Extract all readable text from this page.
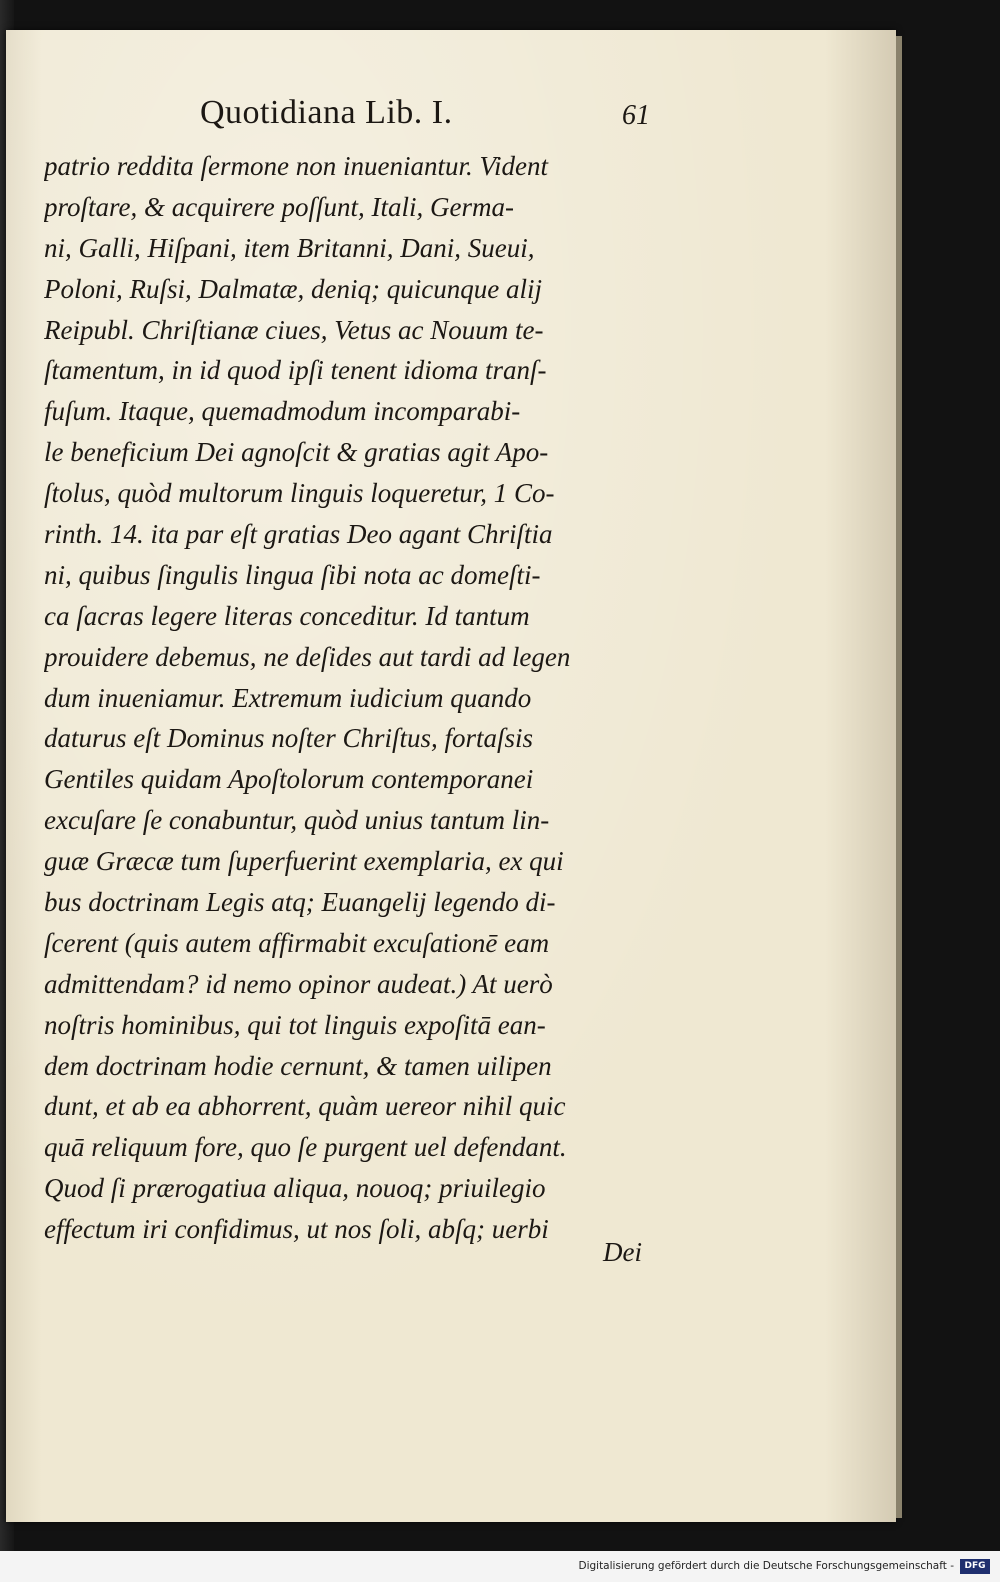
Quotidiana Lib. I.	61
patrio reddita ſermone non inueniantur. Vident
proſtare, & acquirere poſſunt, Itali, Germa-
ni, Galli, Hiſpani, item Britanni, Dani, Sueui,
Poloni, Ruſsi, Dalmatæ, deniq; quicunque alij
Reipubl. Chriſtianæ ciues, Vetus ac Nouum te-
ſtamentum, in id quod ipſi tenent idioma tranſ-
fuſum. Itaque, quemadmodum incomparabi-
le beneficium Dei agnoſcit & gratias agit Apo-
ſtolus, quòd multorum linguis loqueretur, 1 Co-
rinth. 14. ita par eſt gratias Deo agant Chriſtia
ni, quibus ſingulis lingua ſibi nota ac domeſti-
ca ſacras legere literas conceditur. Id tantum
prouidere debemus, ne deſides aut tardi ad legen
dum inueniamur. Extremum iudicium quando
daturus eſt Dominus noſter Chriſtus, fortaſsis
Gentiles quidam Apoſtolorum contemporanei
excuſare ſe conabuntur, quòd unius tantum lin-
guæ Græcæ tum ſuperfuerint exemplaria, ex qui
bus doctrinam Legis atq; Euangelij legendo di-
ſcerent (quis autem affirmabit excuſationē eam
admittendam? id nemo opinor audeat.) At uerò
noſtris hominibus, qui tot linguis expoſitā ean-
dem doctrinam hodie cernunt, & tamen uilipen
dunt, et ab ea abhorrent, quàm uereor nihil quic
quā reliquum fore, quo ſe purgent uel defendant.
Quod ſi prærogatiua aliqua, nouoq; priuilegio
effectum iri confidimus, ut nos ſoli, abſq; uerbi
Dei
Digitalisierung gefördert durch die Deutsche Forschungsgemeinschaft -	DFG
